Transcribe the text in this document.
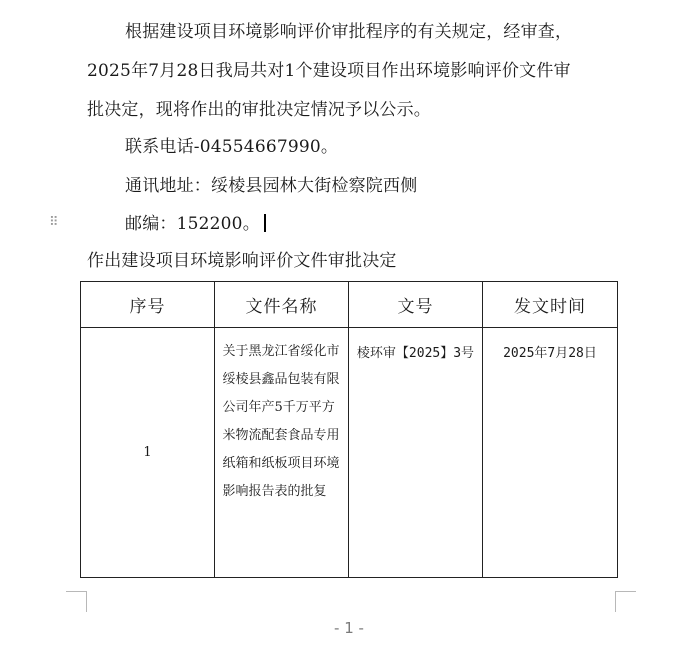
根据建设项目环境影响评价审批程序的有关规定，经审查，
2025年7月28日我局共对1个建设项目作出环境影响评价文件审
批决定，现将作出的审批决定情况予以公示。
联系电话-04554667990。
通讯地址：绥棱县园林大街检察院西侧
⠿	邮编：152200。
作出建设项目环境影响评价文件审批决定
序号	文件名称	文号	发文时间
1	关于黑龙江省绥化市绥棱县鑫品包装有限公司年产5千万平方米物流配套食品专用纸箱和纸板项目环境影响报告表的批复	棱环审【2025】3号	2025年7月28日
- 1 -
